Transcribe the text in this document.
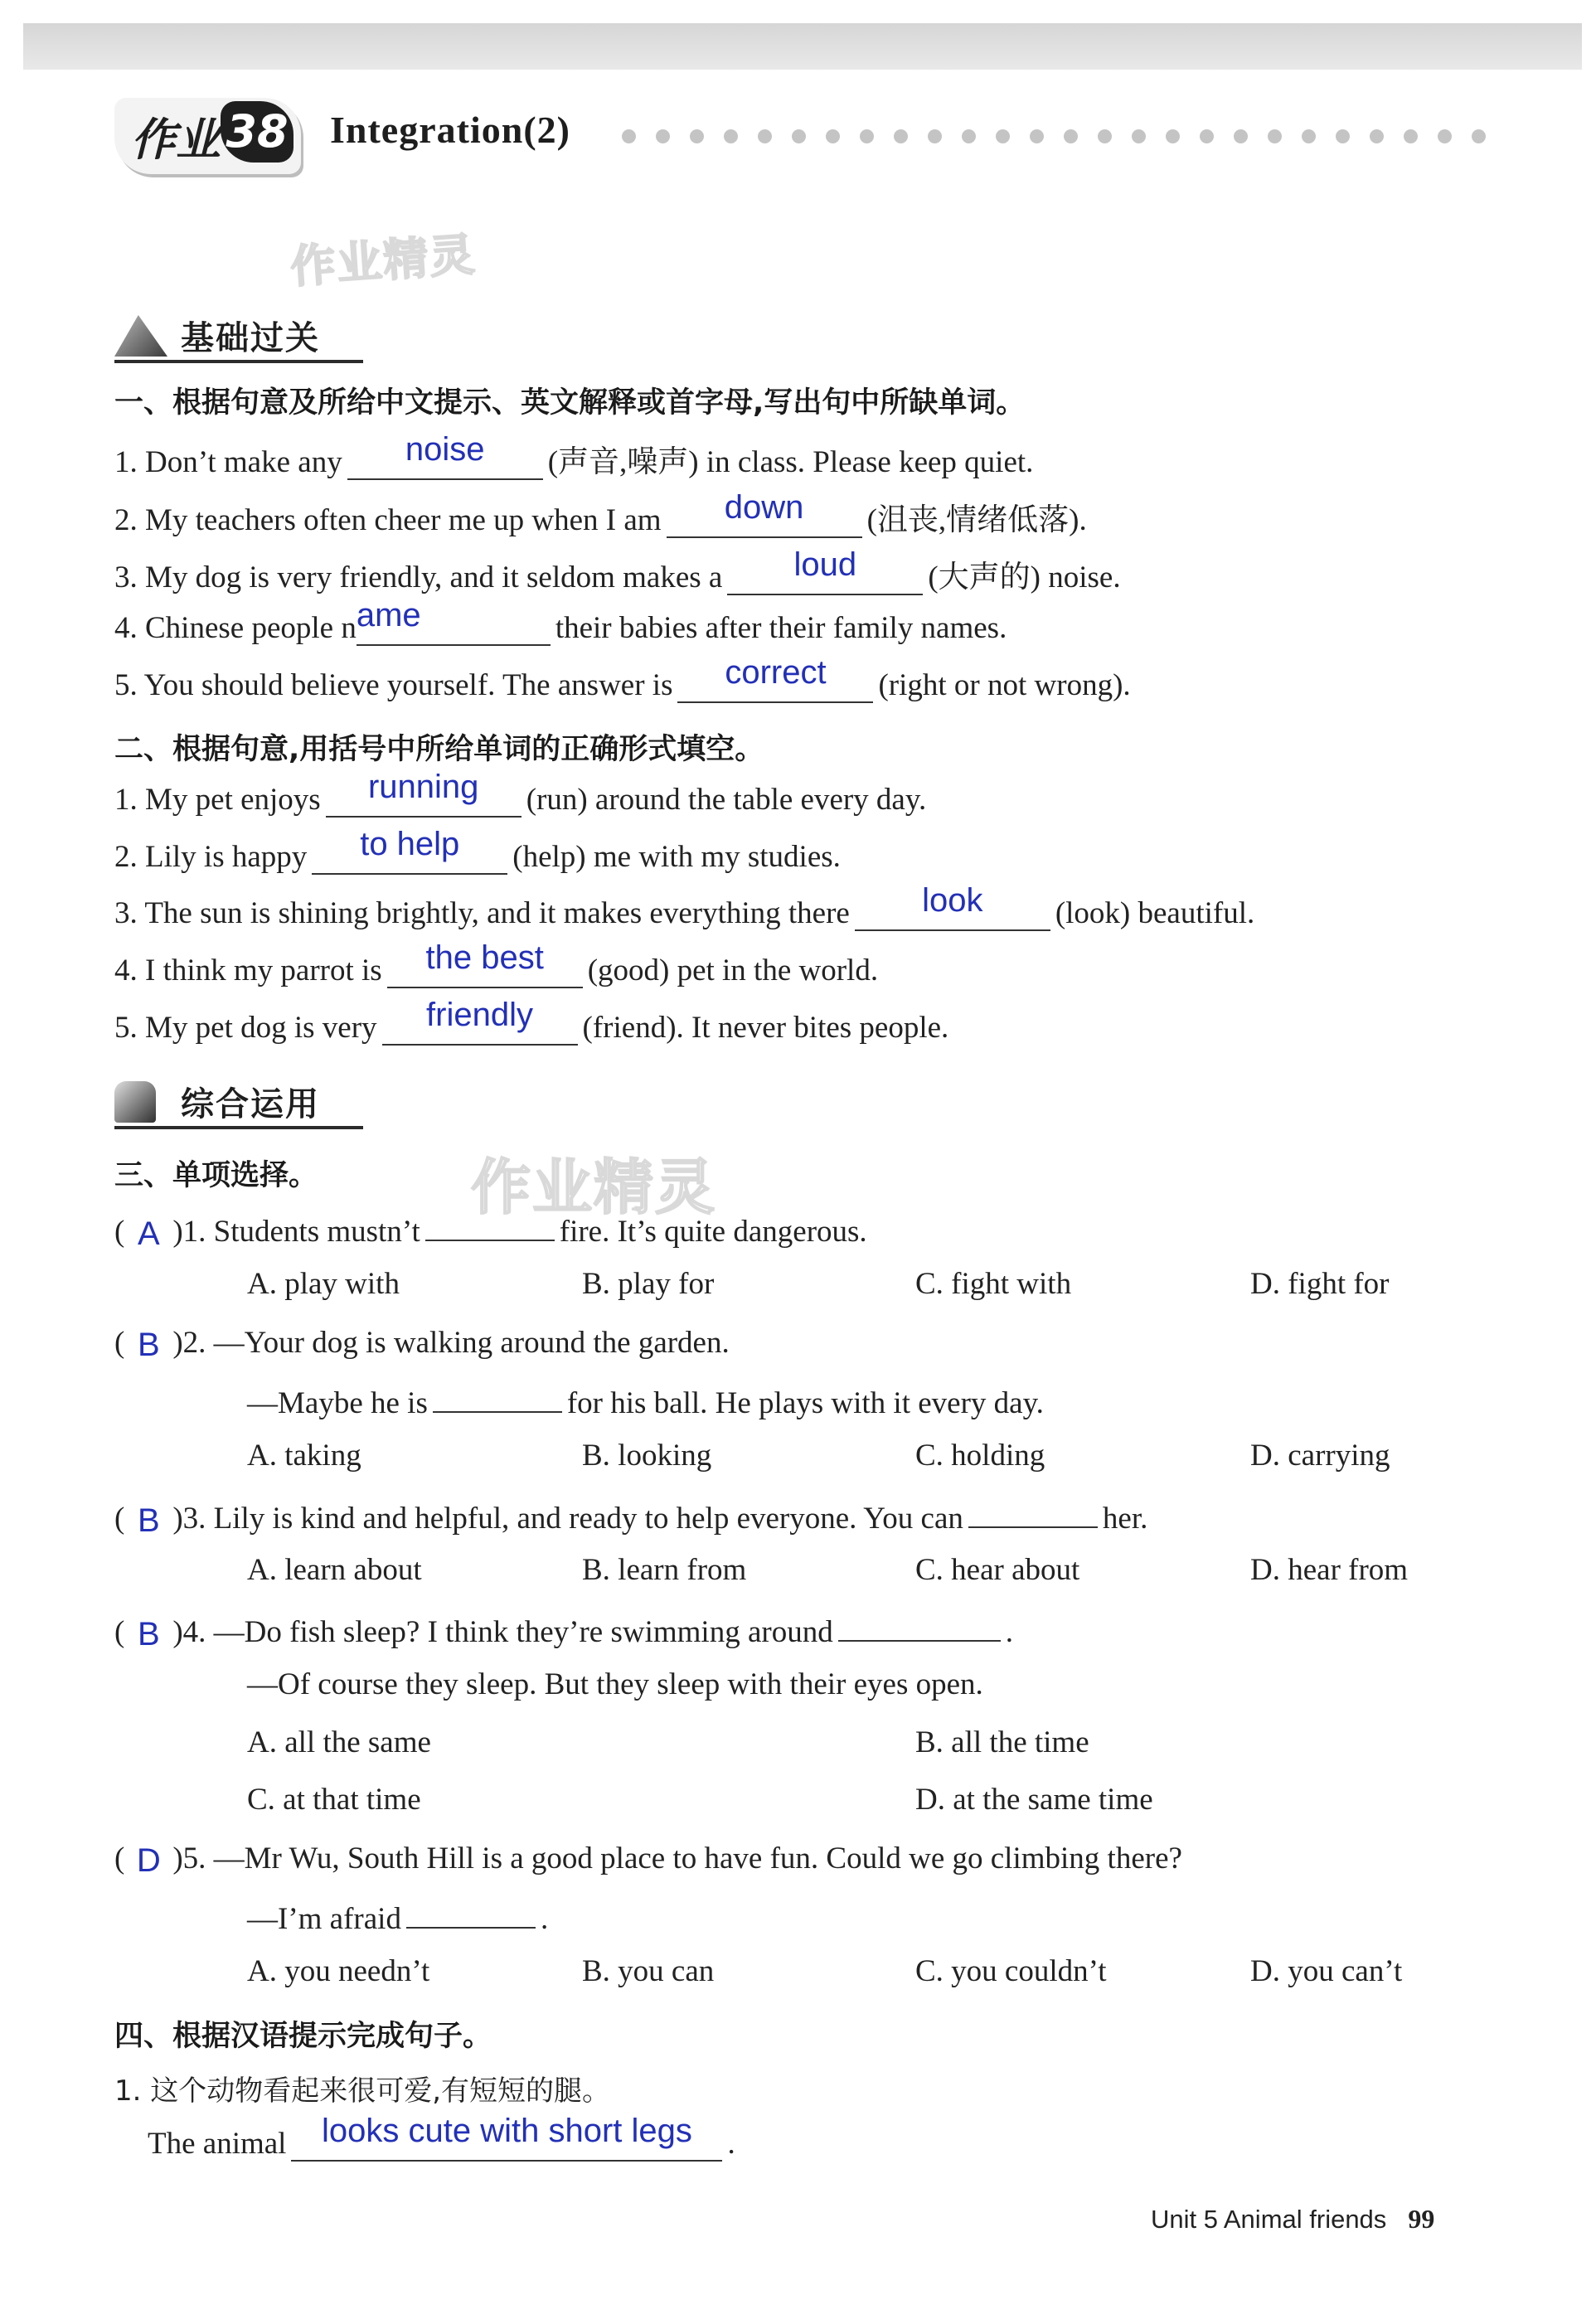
作业 38 Integration(2)
作业精灵
基础过关
一、根据句意及所给中文提示、英文解释或首字母,写出句中所缺单词。
1. Don’t make any noise (声音,噪声) in class. Please keep quiet.
2. My teachers often cheer me up when I am down (沮丧,情绪低落).
3. My dog is very friendly, and it seldom makes a loud (大声的) noise.
4. Chinese people name	their babies after their family names.
5. You should believe yourself. The answer is correct (right or not wrong).
二、根据句意,用括号中所给单词的正确形式填空。
1. My pet enjoys running (run) around the table every day.
2. Lily is happy to help (help) me with my studies.
3. The sun is shining brightly, and it makes everything there look (look) beautiful.
4. I think my parrot is the best (good) pet in the world.
5. My pet dog is very friendly (friend). It never bites people.
综合运用
作业精灵
三、单项选择。
( A )1. Students mustn’t	fire. It’s quite dangerous.
A. play with	B. play for	C. fight with	D. fight for
( B )2. —Your dog is walking around the garden.
—Maybe he is	for his ball. He plays with it every day.
A. taking	B. looking	C. holding	D. carrying
( B )3. Lily is kind and helpful, and ready to help everyone. You can	her.
A. learn about	B. learn from	C. hear about	D. hear from
( B )4. —Do fish sleep? I think they’re swimming around	.
—Of course they sleep. But they sleep with their eyes open.
A. all the same	B. all the time
C. at that time	D. at the same time
( D )5. —Mr Wu, South Hill is a good place to have fun. Could we go climbing there?
—I’m afraid	.
A. you needn’t	B. you can	C. you couldn’t	D. you can’t
四、根据汉语提示完成句子。
1. 这个动物看起来很可爱,有短短的腿。
The animal looks cute with short legs .
Unit 5 Animal friends 99
